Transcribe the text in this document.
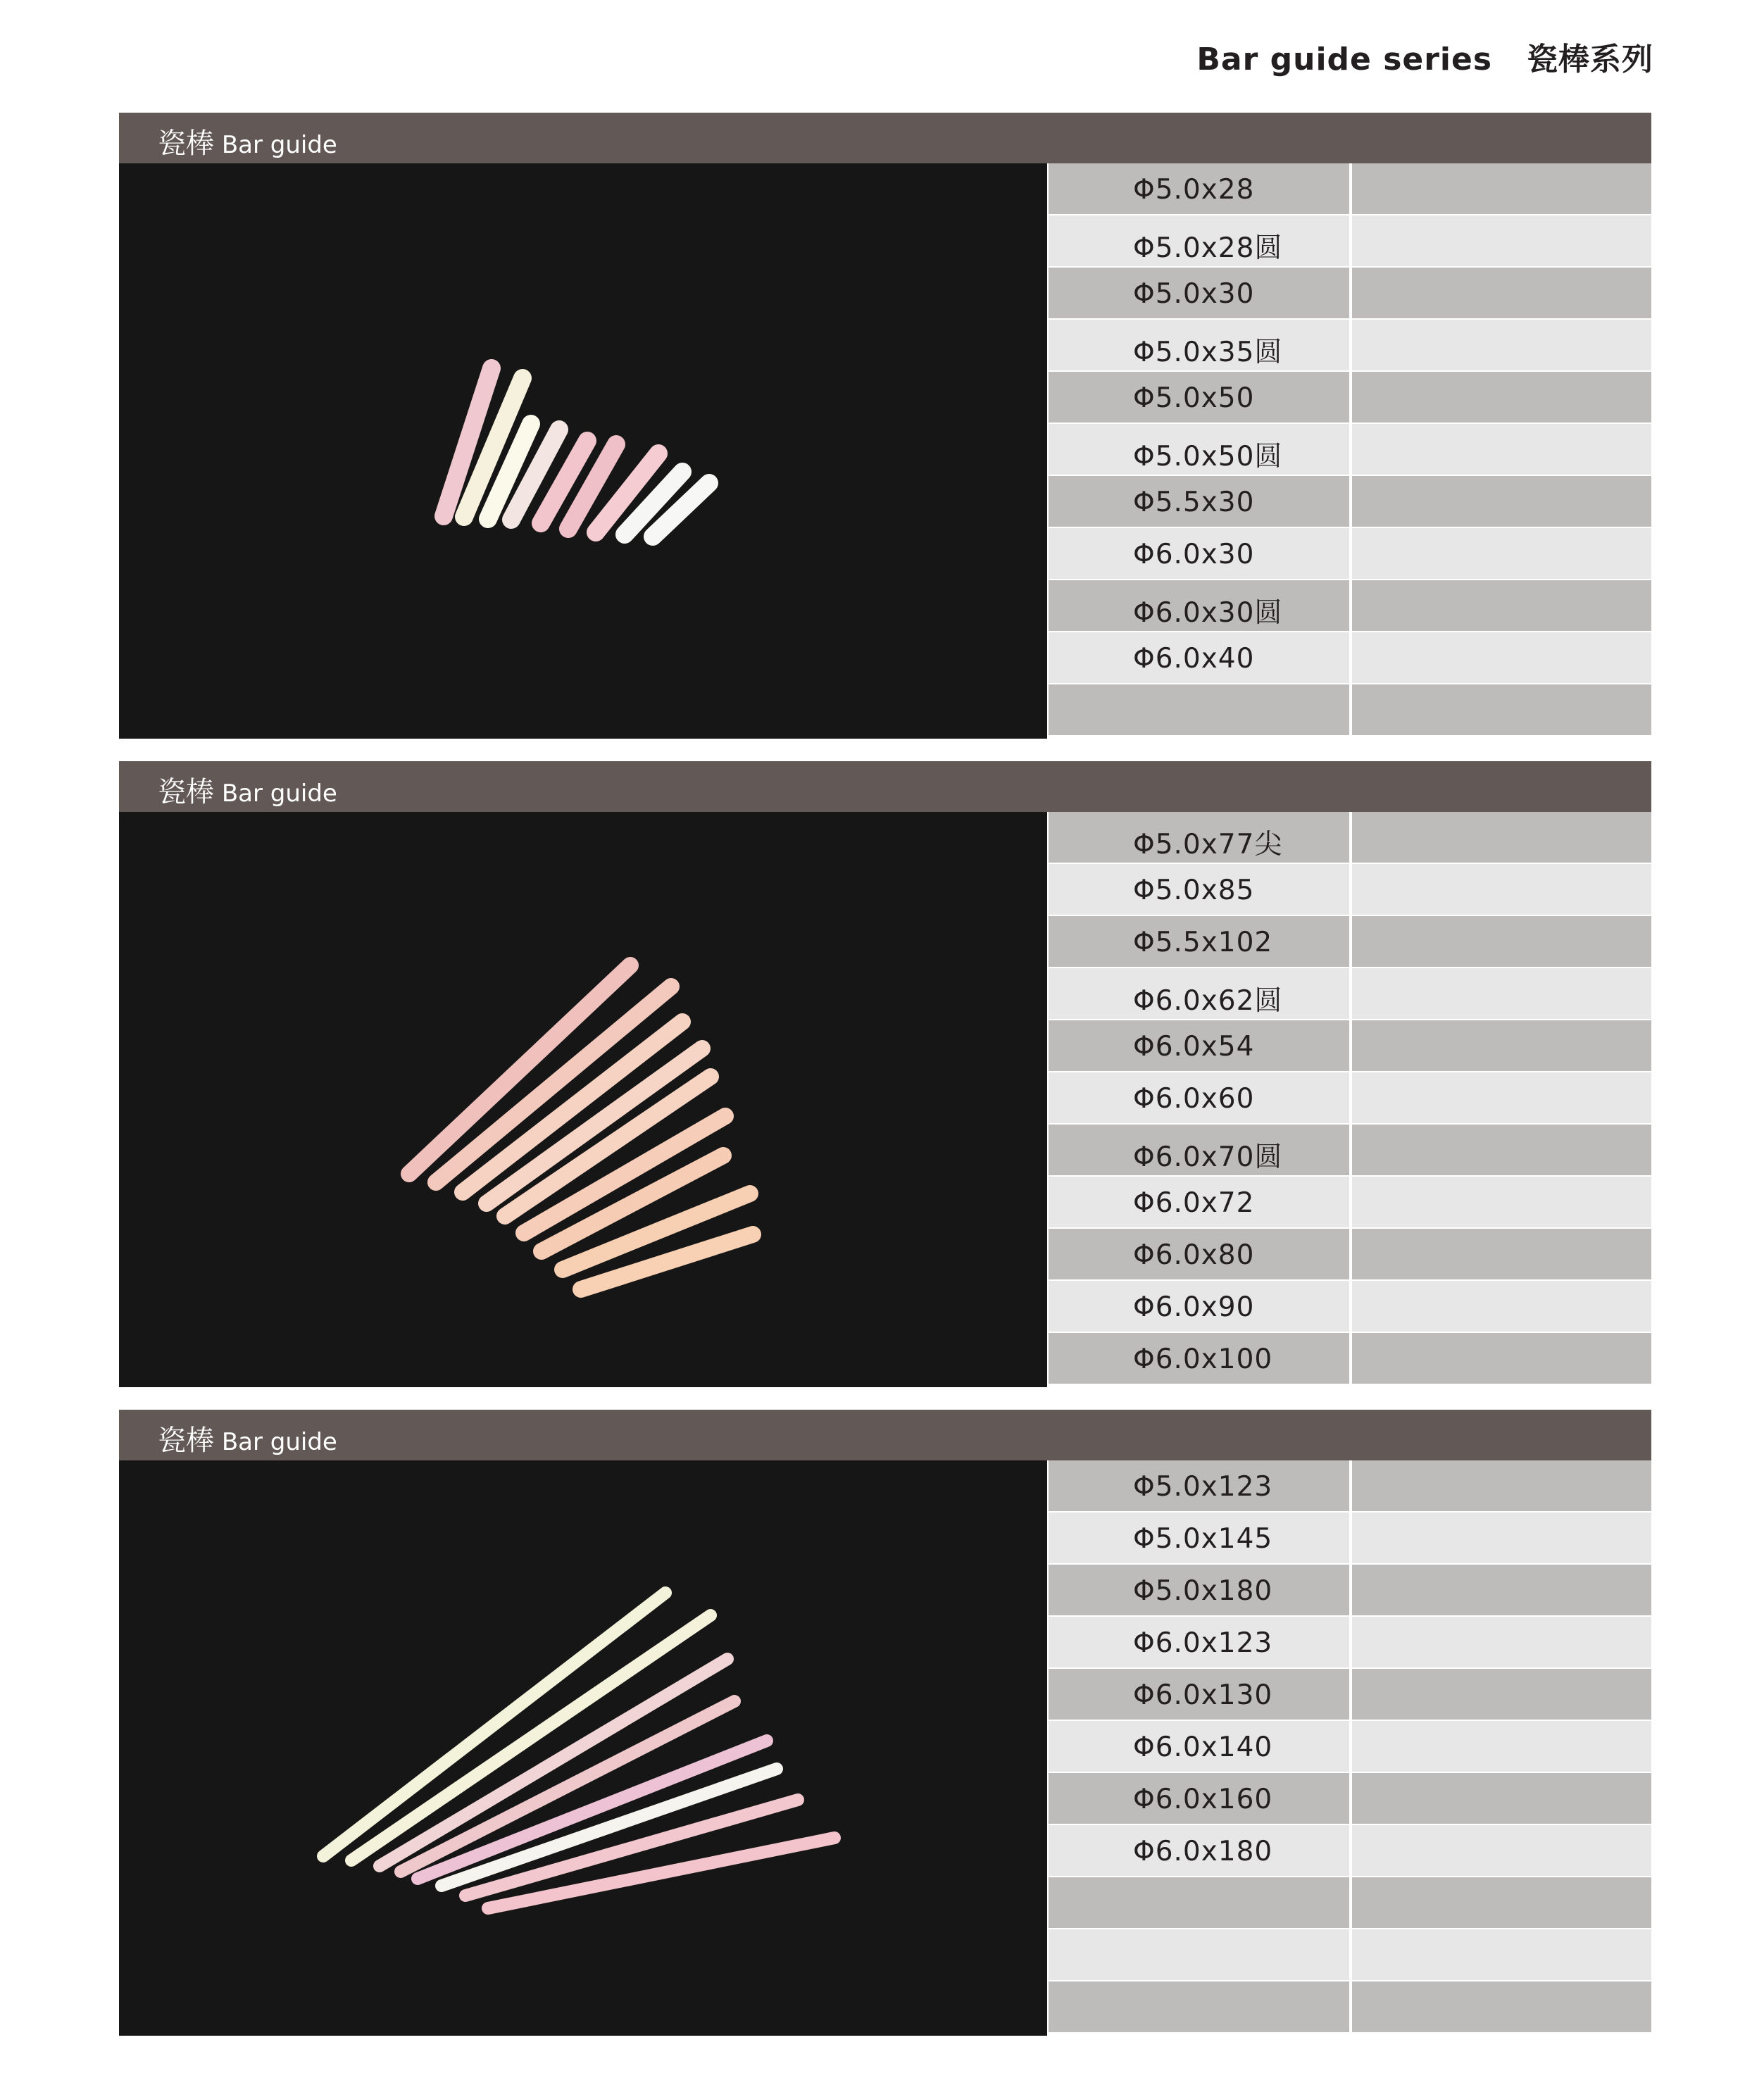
Bar guide series   瓷棒系列
瓷棒 Bar guide
Φ5.0x28
Φ5.0x28圆
Φ5.0x30
Φ5.0x35圆
Φ5.0x50
Φ5.0x50圆
Φ5.5x30
Φ6.0x30
Φ6.0x30圆
Φ6.0x40
瓷棒 Bar guide
Φ5.0x77尖
Φ5.0x85
Φ5.5x102
Φ6.0x62圆
Φ6.0x54
Φ6.0x60
Φ6.0x70圆
Φ6.0x72
Φ6.0x80
Φ6.0x90
Φ6.0x100
瓷棒 Bar guide
Φ5.0x123
Φ5.0x145
Φ5.0x180
Φ6.0x123
Φ6.0x130
Φ6.0x140
Φ6.0x160
Φ6.0x180
